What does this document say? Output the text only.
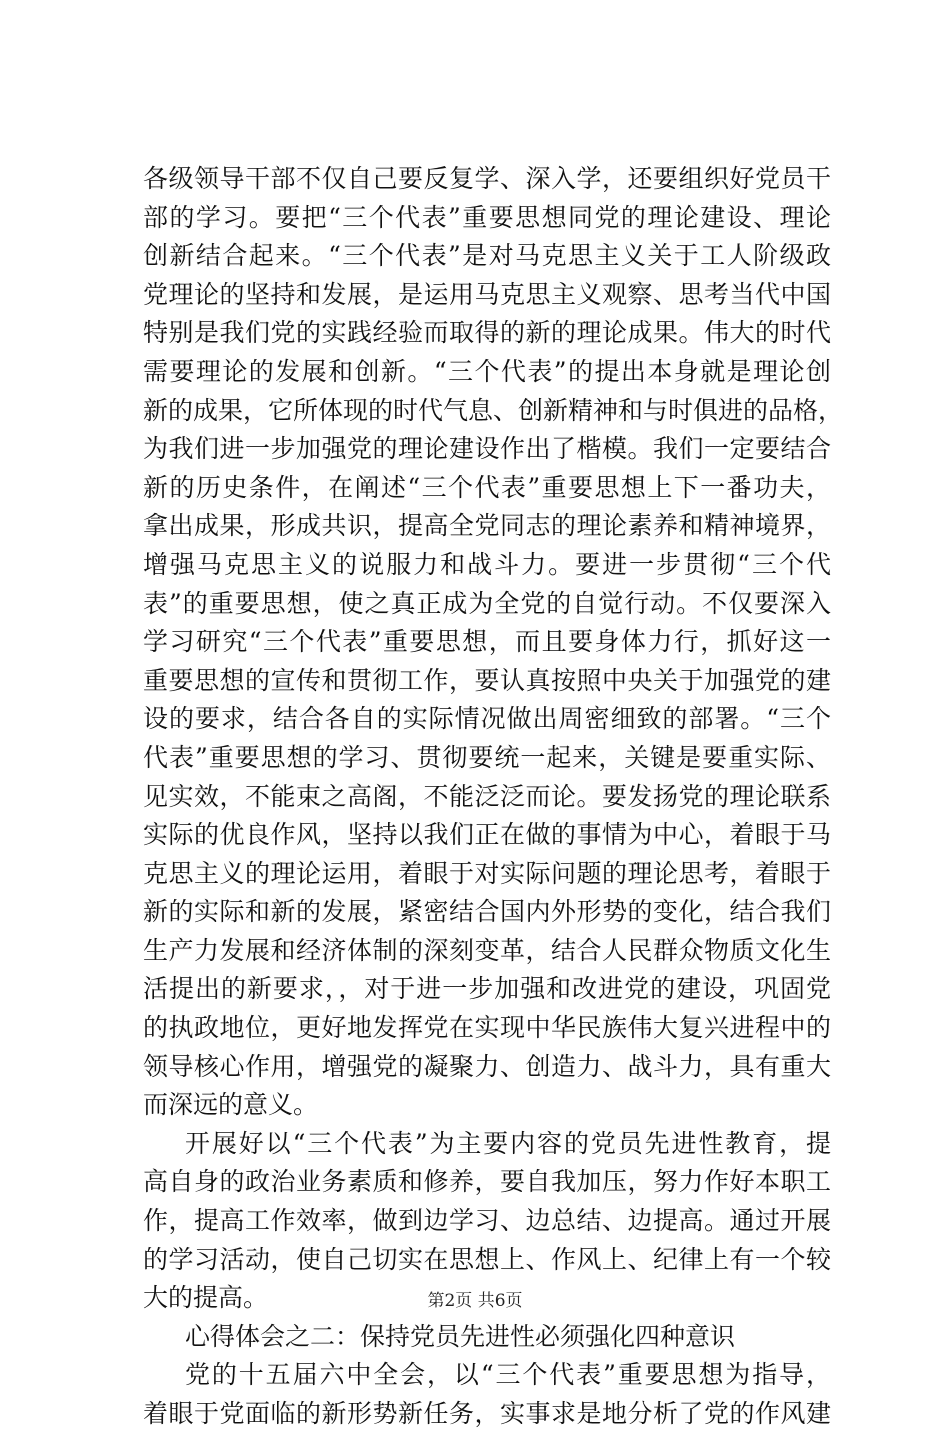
各级领导干部不仅自己要反复学、深入学，还要组织好党员干
部的学习。要把“三个代表”重要思想同党的理论建设、理论
创新结合起来。“三个代表”是对马克思主义关于工人阶级政
党理论的坚持和发展，是运用马克思主义观察、思考当代中国
特别是我们党的实践经验而取得的新的理论成果。伟大的时代
需要理论的发展和创新。“三个代表”的提出本身就是理论创
新的成果，它所体现的时代气息、创新精神和与时俱进的品格，
为我们进一步加强党的理论建设作出了楷模。我们一定要结合
新的历史条件，在阐述“三个代表”重要思想上下一番功夫，
拿出成果，形成共识，提高全党同志的理论素养和精神境界，
增强马克思主义的说服力和战斗力。要进一步贯彻“三个代
表”的重要思想，使之真正成为全党的自觉行动。不仅要深入
学习研究“三个代表”重要思想，而且要身体力行，抓好这一
重要思想的宣传和贯彻工作，要认真按照中央关于加强党的建
设的要求，结合各自的实际情况做出周密细致的部署。“三个
代表”重要思想的学习、贯彻要统一起来，关键是要重实际、
见实效，不能束之高阁，不能泛泛而论。要发扬党的理论联系
实际的优良作风，坚持以我们正在做的事情为中心，着眼于马
克思主义的理论运用，着眼于对实际问题的理论思考，着眼于
新的实际和新的发展，紧密结合国内外形势的变化，结合我们
生产力发展和经济体制的深刻变革，结合人民群众物质文化生
活提出的新要求，，对于进一步加强和改进党的建设，巩固党
的执政地位，更好地发挥党在实现中华民族伟大复兴进程中的
领导核心作用，增强党的凝聚力、创造力、战斗力，具有重大
而深远的意义。
开展好以“三个代表”为主要内容的党员先进性教育，提
高自身的政治业务素质和修养，要自我加压，努力作好本职工
作，提高工作效率，做到边学习、边总结、边提高。通过开展
的学习活动，使自己切实在思想上、作风上、纪律上有一个较
大的提高。
心得体会之二：保持党员先进性必须强化四种意识
党的十五届六中全会，以“三个代表”重要思想为指导，
着眼于党面临的新形势新任务，实事求是地分析了党的作风建
第2页 共6页
